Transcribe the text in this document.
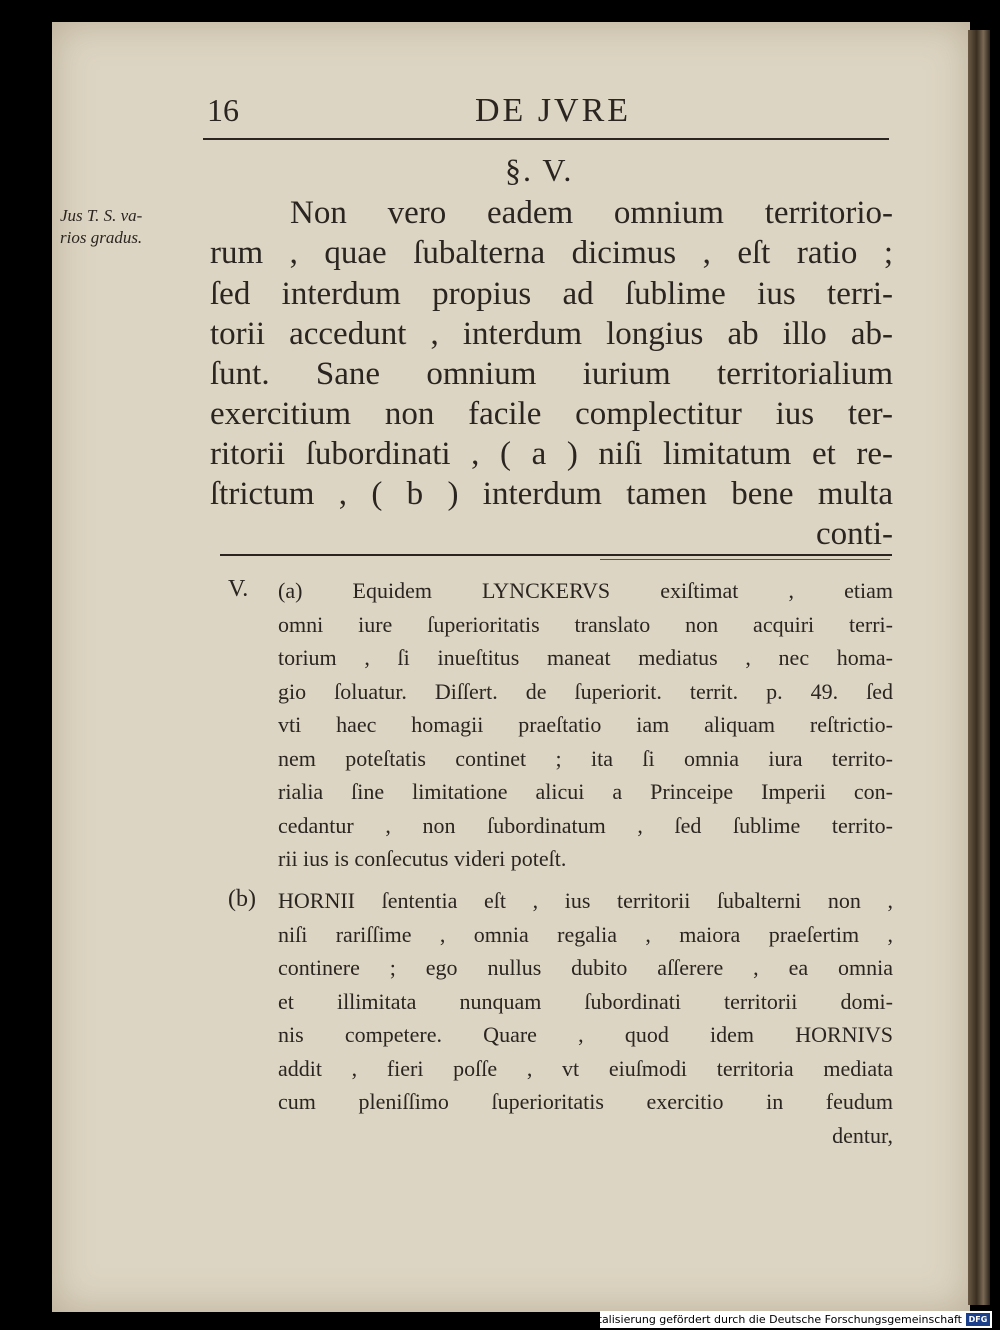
16	DE JVRE
§. V.
Jus T. S. va-
rios gradus.
Non vero eadem omnium territorio-
rum , quae ſubalterna dicimus , eſt ratio ;
ſed interdum propius ad ſublime ius terri-
torii accedunt , interdum longius ab illo ab-
ſunt. Sane omnium iurium territorialium
exercitium non facile complectitur ius ter-
ritorii ſubordinati , ( a ) niſi limitatum et re-
ſtrictum , ( b ) interdum tamen bene multa
conti-
V. (a) Equidem LYNCKERVS exiſtimat , etiam
omni iure ſuperioritatis translato non acquiri terri-
torium , ſi inueſtitus maneat mediatus , nec homa-
gio ſoluatur. Diſſert. de ſuperiorit. territ. p. 49. ſed
vti haec homagii praeſtatio iam aliquam reſtrictio-
nem poteſtatis continet ; ita ſi omnia iura territo-
rialia ſine limitatione alicui a Princeipe Imperii con-
cedantur , non ſubordinatum , ſed ſublime territo-
rii ius is conſecutus videri poteſt.
(b) HORNII ſententia eſt , ius territorii ſubalterni non ,
niſi rariſſime , omnia regalia , maiora praeſertim ,
continere ; ego nullus dubito aſſerere , ea omnia
et illimitata nunquam ſubordinati territorii domi-
nis competere. Quare , quod idem HORNIVS
addit , fieri poſſe , vt eiuſmodi territoria mediata
cum pleniſſimo ſuperioritatis exercitio in feudum
dentur,
Digitalisierung gefördert durch die Deutsche Forschungsgemeinschaft DFG
